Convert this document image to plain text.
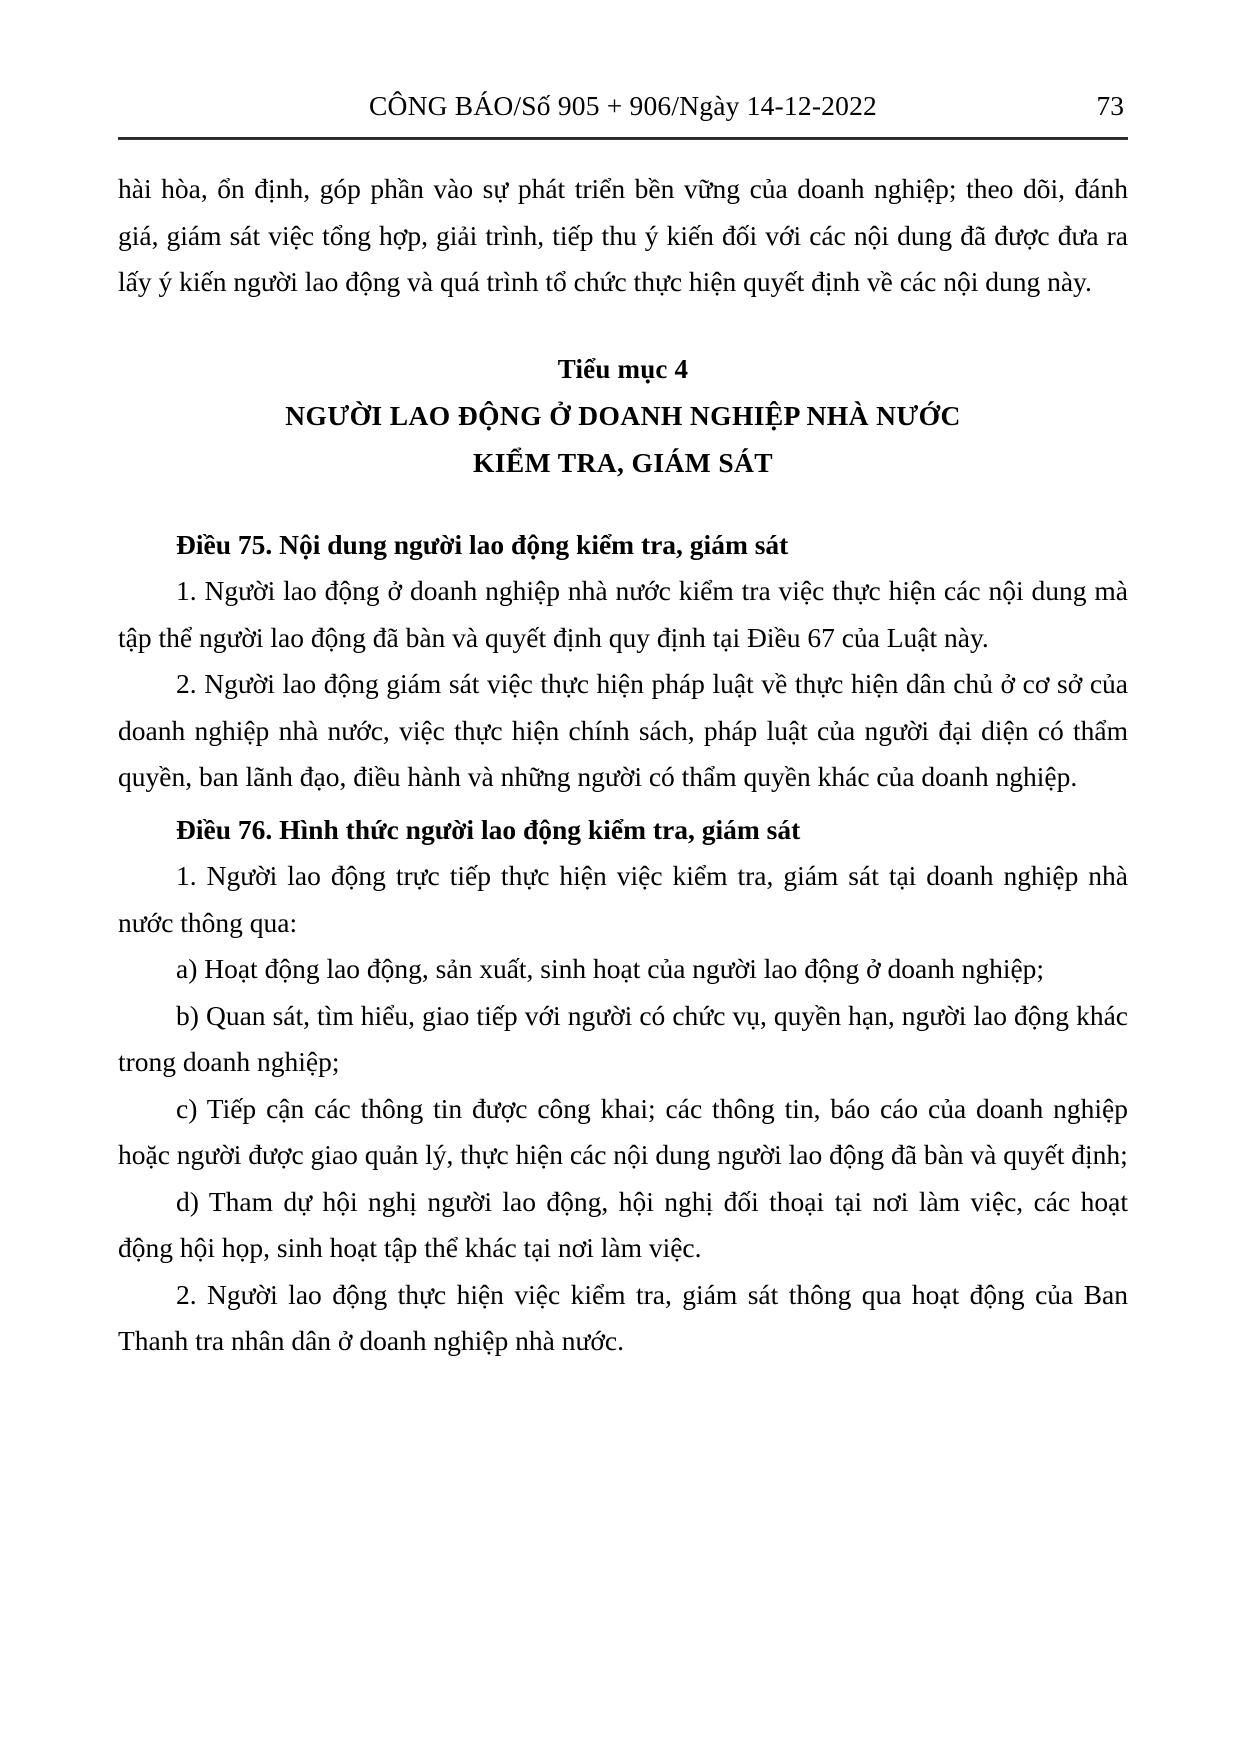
CÔNG BÁO/Số 905 + 906/Ngày 14-12-2022	73

hài hòa, ổn định, góp phần vào sự phát triển bền vững của doanh nghiệp; theo dõi, đánh giá, giám sát việc tổng hợp, giải trình, tiếp thu ý kiến đối với các nội dung đã được đưa ra lấy ý kiến người lao động và quá trình tổ chức thực hiện quyết định về các nội dung này.

Tiểu mục 4
NGƯỜI LAO ĐỘNG Ở DOANH NGHIỆP NHÀ NƯỚC
KIỂM TRA, GIÁM SÁT

Điều 75. Nội dung người lao động kiểm tra, giám sát

1. Người lao động ở doanh nghiệp nhà nước kiểm tra việc thực hiện các nội dung mà tập thể người lao động đã bàn và quyết định quy định tại Điều 67 của Luật này.

2. Người lao động giám sát việc thực hiện pháp luật về thực hiện dân chủ ở cơ sở của doanh nghiệp nhà nước, việc thực hiện chính sách, pháp luật của người đại diện có thẩm quyền, ban lãnh đạo, điều hành và những người có thẩm quyền khác của doanh nghiệp.

Điều 76. Hình thức người lao động kiểm tra, giám sát

1. Người lao động trực tiếp thực hiện việc kiểm tra, giám sát tại doanh nghiệp nhà nước thông qua:

a) Hoạt động lao động, sản xuất, sinh hoạt của người lao động ở doanh nghiệp;

b) Quan sát, tìm hiểu, giao tiếp với người có chức vụ, quyền hạn, người lao động khác trong doanh nghiệp;

c) Tiếp cận các thông tin được công khai; các thông tin, báo cáo của doanh nghiệp hoặc người được giao quản lý, thực hiện các nội dung người lao động đã bàn và quyết định;

d) Tham dự hội nghị người lao động, hội nghị đối thoại tại nơi làm việc, các hoạt động hội họp, sinh hoạt tập thể khác tại nơi làm việc.

2. Người lao động thực hiện việc kiểm tra, giám sát thông qua hoạt động của Ban Thanh tra nhân dân ở doanh nghiệp nhà nước.
